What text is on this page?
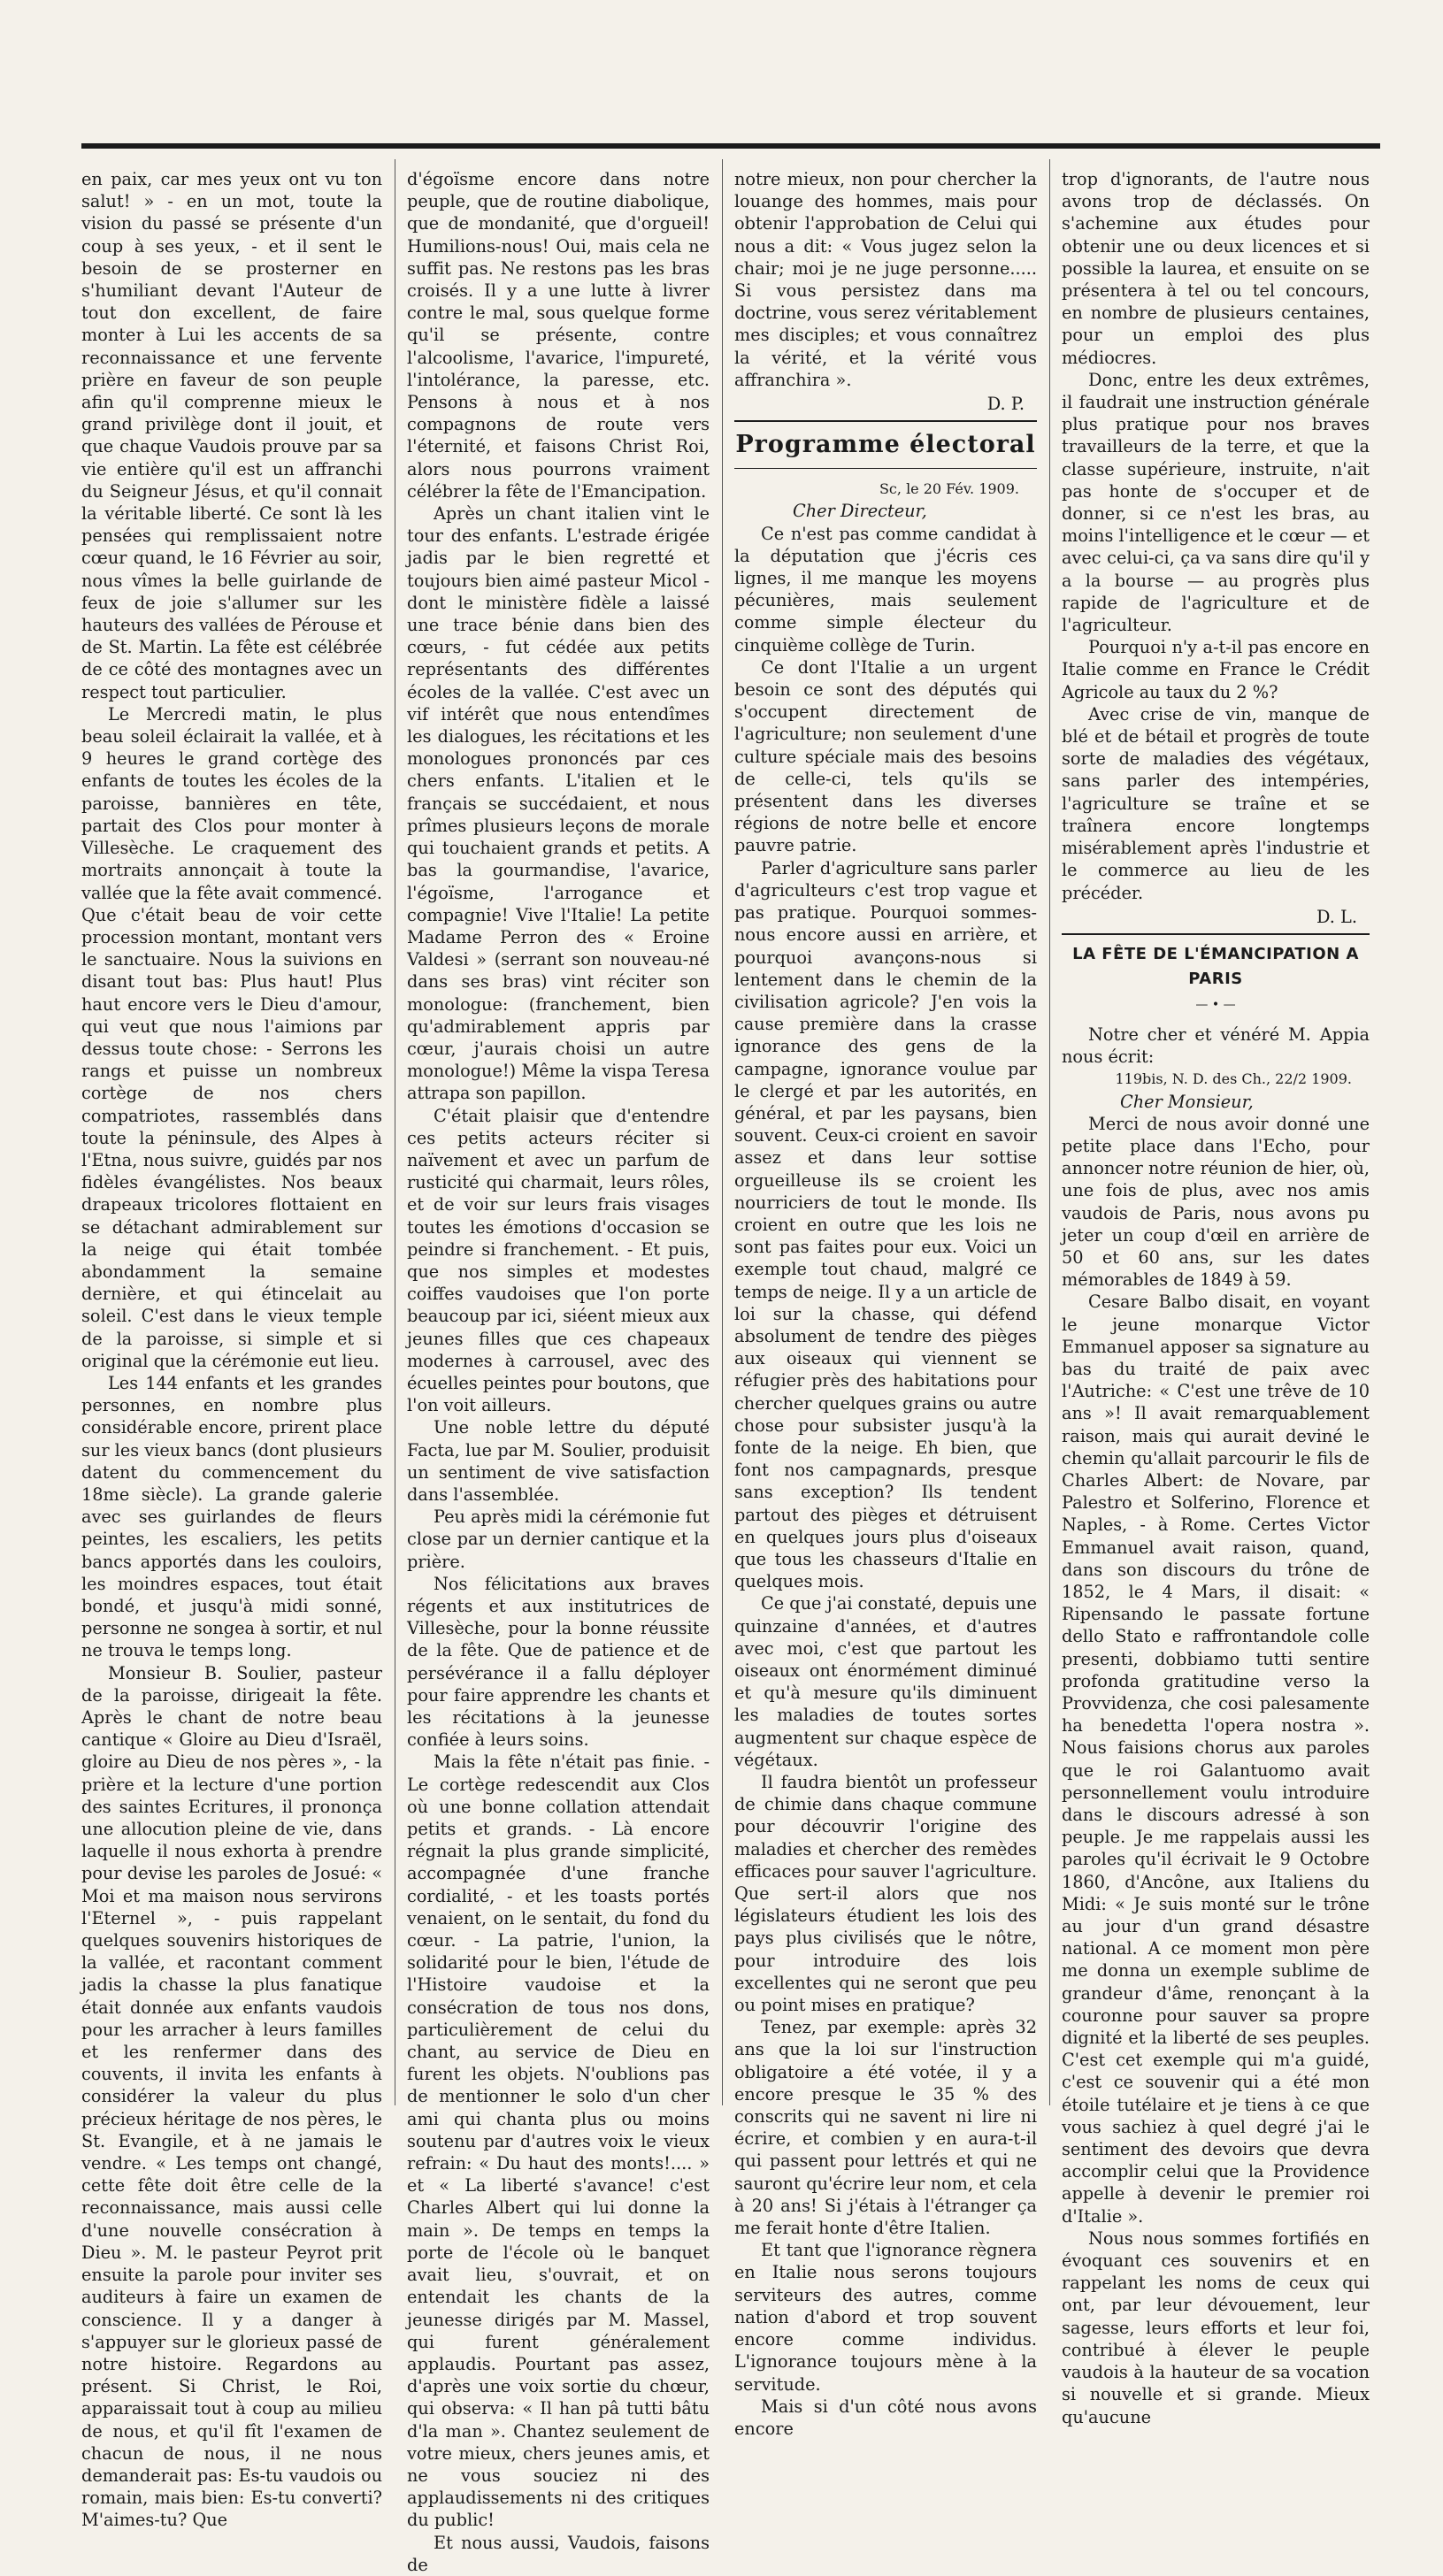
en paix, car mes yeux ont vu ton salut! » - en un mot, toute la vision du passé se présente d'un coup à ses yeux, - et il sent le besoin de se prosterner en s'humiliant devant l'Auteur de tout don excellent, de faire monter à Lui les accents de sa reconnaissance et une fervente prière en faveur de son peuple afin qu'il comprenne mieux le grand privilège dont il jouit, et que chaque Vaudois prouve par sa vie entière qu'il est un affranchi du Seigneur Jésus, et qu'il connait la véritable liberté. Ce sont là les pensées qui remplissaient notre cœur quand, le 16 Février au soir, nous vîmes la belle guirlande de feux de joie s'allumer sur les hauteurs des vallées de Pérouse et de St. Martin. La fête est célébrée de ce côté des montagnes avec un respect tout particulier.

Le Mercredi matin, le plus beau soleil éclairait la vallée, et à 9 heures le grand cortège des enfants de toutes les écoles de la paroisse, bannières en tête, partait des Clos pour monter à Villesèche. Le craquement des mortraits annonçait à toute la vallée que la fête avait commencé. Que c'était beau de voir cette procession montant, montant vers le sanctuaire. Nous la suivions en disant tout bas: Plus haut! Plus haut encore vers le Dieu d'amour, qui veut que nous l'aimions par dessus toute chose: - Serrons les rangs et puisse un nombreux cortège de nos chers compatriotes, rassemblés dans toute la péninsule, des Alpes à l'Etna, nous suivre, guidés par nos fidèles évangélistes. Nos beaux drapeaux tricolores flottaient en se détachant admirablement sur la neige qui était tombée abondamment la semaine dernière, et qui étincelait au soleil. C'est dans le vieux temple de la paroisse, si simple et si original que la cérémonie eut lieu.

Les 144 enfants et les grandes personnes, en nombre plus considérable encore, prirent place sur les vieux bancs (dont plusieurs datent du commencement du 18me siècle). La grande galerie avec ses guirlandes de fleurs peintes, les escaliers, les petits bancs apportés dans les couloirs, les moindres espaces, tout était bondé, et jusqu'à midi sonné, personne ne songea à sortir, et nul ne trouva le temps long.

Monsieur B. Soulier, pasteur de la paroisse, dirigeait la fête. Après le chant de notre beau cantique « Gloire au Dieu d'Israël, gloire au Dieu de nos pères », - la prière et la lecture d'une portion des saintes Ecritures, il prononça une allocution pleine de vie, dans laquelle il nous exhorta à prendre pour devise les paroles de Josué: « Moi et ma maison nous servirons l'Eternel », - puis rappelant quelques souvenirs historiques de la vallée, et racontant comment jadis la chasse la plus fanatique était donnée aux enfants vaudois pour les arracher à leurs familles et les renfermer dans des couvents, il invita les enfants à considérer la valeur du plus précieux héritage de nos pères, le St. Evangile, et à ne jamais le vendre. « Les temps ont changé, cette fête doit être celle de la reconnaissance, mais aussi celle d'une nouvelle consécration à Dieu ». M. le pasteur Peyrot prit ensuite la parole pour inviter ses auditeurs à faire un examen de conscience. Il y a danger à s'appuyer sur le glorieux passé de notre histoire. Regardons au présent. Si Christ, le Roi, apparaissait tout à coup au milieu de nous, et qu'il fît l'examen de chacun de nous, il ne nous demanderait pas: Es-tu vaudois ou romain, mais bien: Es-tu converti? M'aimes-tu? Que

d'égoïsme encore dans notre peuple, que de routine diabolique, que de mondanité, que d'orgueil! Humilions-nous! Oui, mais cela ne suffit pas. Ne restons pas les bras croisés. Il y a une lutte à livrer contre le mal, sous quelque forme qu'il se présente, contre l'alcoolisme, l'avarice, l'impureté, l'intolérance, la paresse, etc. Pensons à nous et à nos compagnons de route vers l'éternité, et faisons Christ Roi, alors nous pourrons vraiment célébrer la fête de l'Emancipation.

Après un chant italien vint le tour des enfants. L'estrade érigée jadis par le bien regretté et toujours bien aimé pasteur Micol - dont le ministère fidèle a laissé une trace bénie dans bien des cœurs, - fut cédée aux petits représentants des différentes écoles de la vallée. C'est avec un vif intérêt que nous entendîmes les dialogues, les récitations et les monologues prononcés par ces chers enfants. L'italien et le français se succédaient, et nous prîmes plusieurs leçons de morale qui touchaient grands et petits. A bas la gourmandise, l'avarice, l'égoïsme, l'arrogance et compagnie! Vive l'Italie! La petite Madame Perron des « Eroine Valdesi » (serrant son nouveau-né dans ses bras) vint réciter son monologue: (franchement, bien qu'admirablement appris par cœur, j'aurais choisi un autre monologue!) Même la vispa Teresa attrapa son papillon.

C'était plaisir que d'entendre ces petits acteurs réciter si naïvement et avec un parfum de rusticité qui charmait, leurs rôles, et de voir sur leurs frais visages toutes les émotions d'occasion se peindre si franchement. - Et puis, que nos simples et modestes coiffes vaudoises que l'on porte beaucoup par ici, siéent mieux aux jeunes filles que ces chapeaux modernes à carrousel, avec des écuelles peintes pour boutons, que l'on voit ailleurs.

Une noble lettre du député Facta, lue par M. Soulier, produisit un sentiment de vive satisfaction dans l'assemblée.

Peu après midi la cérémonie fut close par un dernier cantique et la prière.

Nos félicitations aux braves régents et aux institutrices de Villesèche, pour la bonne réussite de la fête. Que de patience et de persévérance il a fallu déployer pour faire apprendre les chants et les récitations à la jeunesse confiée à leurs soins.

Mais la fête n'était pas finie. - Le cortège redescendit aux Clos où une bonne collation attendait petits et grands. - Là encore régnait la plus grande simplicité, accompagnée d'une franche cordialité, - et les toasts portés venaient, on le sentait, du fond du cœur. - La patrie, l'union, la solidarité pour le bien, l'étude de l'Histoire vaudoise et la consécration de tous nos dons, particulièrement de celui du chant, au service de Dieu en furent les objets. N'oublions pas de mentionner le solo d'un cher ami qui chanta plus ou moins soutenu par d'autres voix le vieux refrain: « Du haut des monts!.... » et « La liberté s'avance! c'est Charles Albert qui lui donne la main ». De temps en temps la porte de l'école où le banquet avait lieu, s'ouvrait, et on entendait les chants de la jeunesse dirigés par M. Massel, qui furent généralement applaudis. Pourtant pas assez, d'après une voix sortie du chœur, qui observa: « Il han pâ tutti bâtu d'la man ». Chantez seulement de votre mieux, chers jeunes amis, et ne vous souciez ni des applaudissements ni des critiques du public!

Et nous aussi, Vaudois, faisons de

notre mieux, non pour chercher la louange des hommes, mais pour obtenir l'approbation de Celui qui nous a dit: « Vous jugez selon la chair; moi je ne juge personne..... Si vous persistez dans ma doctrine, vous serez véritablement mes disciples; et vous connaîtrez la vérité, et la vérité vous affranchira ».

D. P.
Programme électoral

Sc, le 20 Fév. 1909.

Cher Directeur,

Ce n'est pas comme candidat à la députation que j'écris ces lignes, il me manque les moyens pécunières, mais seulement comme simple électeur du cinquième collège de Turin.

Ce dont l'Italie a un urgent besoin ce sont des députés qui s'occupent directement de l'agriculture; non seulement d'une culture spéciale mais des besoins de celle-ci, tels qu'ils se présentent dans les diverses régions de notre belle et encore pauvre patrie.

Parler d'agriculture sans parler d'agriculteurs c'est trop vague et pas pratique. Pourquoi sommes-nous encore aussi en arrière, et pourquoi avançons-nous si lentement dans le chemin de la civilisation agricole? J'en vois la cause première dans la crasse ignorance des gens de la campagne, ignorance voulue par le clergé et par les autorités, en général, et par les paysans, bien souvent. Ceux-ci croient en savoir assez et dans leur sottise orgueilleuse ils se croient les nourriciers de tout le monde. Ils croient en outre que les lois ne sont pas faites pour eux. Voici un exemple tout chaud, malgré ce temps de neige. Il y a un article de loi sur la chasse, qui défend absolument de tendre des pièges aux oiseaux qui viennent se réfugier près des habitations pour chercher quelques grains ou autre chose pour subsister jusqu'à la fonte de la neige. Eh bien, que font nos campagnards, presque sans exception? Ils tendent partout des pièges et détruisent en quelques jours plus d'oiseaux que tous les chasseurs d'Italie en quelques mois.

Ce que j'ai constaté, depuis une quinzaine d'années, et d'autres avec moi, c'est que partout les oiseaux ont énormément diminué et qu'à mesure qu'ils diminuent les maladies de toutes sortes augmentent sur chaque espèce de végétaux.

Il faudra bientôt un professeur de chimie dans chaque commune pour découvrir l'origine des maladies et chercher des remèdes efficaces pour sauver l'agriculture. Que sert-il alors que nos législateurs étudient les lois des pays plus civilisés que le nôtre, pour introduire des lois excellentes qui ne seront que peu ou point mises en pratique?

Tenez, par exemple: après 32 ans que la loi sur l'instruction obligatoire a été votée, il y a encore presque le 35 % des conscrits qui ne savent ni lire ni écrire, et combien y en aura-t-il qui passent pour lettrés et qui ne sauront qu'écrire leur nom, et cela à 20 ans! Si j'étais à l'étranger ça me ferait honte d'être Italien.

Et tant que l'ignorance règnera en Italie nous serons toujours serviteurs des autres, comme nation d'abord et trop souvent encore comme individus. L'ignorance toujours mène à la servitude.

Mais si d'un côté nous avons encore

trop d'ignorants, de l'autre nous avons trop de déclassés. On s'achemine aux études pour obtenir une ou deux licences et si possible la laurea, et ensuite on se présentera à tel ou tel concours, en nombre de plusieurs centaines, pour un emploi des plus médiocres.

Donc, entre les deux extrêmes, il faudrait une instruction générale plus pratique pour nos braves travailleurs de la terre, et que la classe supérieure, instruite, n'ait pas honte de s'occuper et de donner, si ce n'est les bras, au moins l'intelligence et le cœur — et avec celui-ci, ça va sans dire qu'il y a la bourse — au progrès plus rapide de l'agriculture et de l'agriculteur.

Pourquoi n'y a-t-il pas encore en Italie comme en France le Crédit Agricole au taux du 2 %?

Avec crise de vin, manque de blé et de bétail et progrès de toute sorte de maladies des végétaux, sans parler des intempéries, l'agriculture se traîne et se traînera encore longtemps misérablement après l'industrie et le commerce au lieu de les précéder.

D. L.
LA FÊTE DE L'ÉMANCIPATION A PARIS
— • —

Notre cher et vénéré M. Appia nous écrit:

119bis, N. D. des Ch., 22/2 1909.

Cher Monsieur,

Merci de nous avoir donné une petite place dans l'Echo, pour annoncer notre réunion de hier, où, une fois de plus, avec nos amis vaudois de Paris, nous avons pu jeter un coup d'œil en arrière de 50 et 60 ans, sur les dates mémorables de 1849 à 59.

Cesare Balbo disait, en voyant le jeune monarque Victor Emmanuel apposer sa signature au bas du traité de paix avec l'Autriche: « C'est une trêve de 10 ans »! Il avait remarquablement raison, mais qui aurait deviné le chemin qu'allait parcourir le fils de Charles Albert: de Novare, par Palestro et Solferino, Florence et Naples, - à Rome. Certes Victor Emmanuel avait raison, quand, dans son discours du trône de 1852, le 4 Mars, il disait: « Ripensando le passate fortune dello Stato e raffrontandole colle presenti, dobbiamo tutti sentire profonda gratitudine verso la Provvidenza, che cosi palesamente ha benedetta l'opera nostra ». Nous faisions chorus aux paroles que le roi Galantuomo avait personnellement voulu introduire dans le discours adressé à son peuple. Je me rappelais aussi les paroles qu'il écrivait le 9 Octobre 1860, d'Ancône, aux Italiens du Midi: « Je suis monté sur le trône au jour d'un grand désastre national. A ce moment mon père me donna un exemple sublime de grandeur d'âme, renonçant à la couronne pour sauver sa propre dignité et la liberté de ses peuples. C'est cet exemple qui m'a guidé, c'est ce souvenir qui a été mon étoile tutélaire et je tiens à ce que vous sachiez à quel degré j'ai le sentiment des devoirs que devra accomplir celui que la Providence appelle à devenir le premier roi d'Italie ».

Nous nous sommes fortifiés en évoquant ces souvenirs et en rappelant les noms de ceux qui ont, par leur dévouement, leur sagesse, leurs efforts et leur foi, contribué à élever le peuple vaudois à la hauteur de sa vocation si nouvelle et si grande. Mieux qu'aucune
